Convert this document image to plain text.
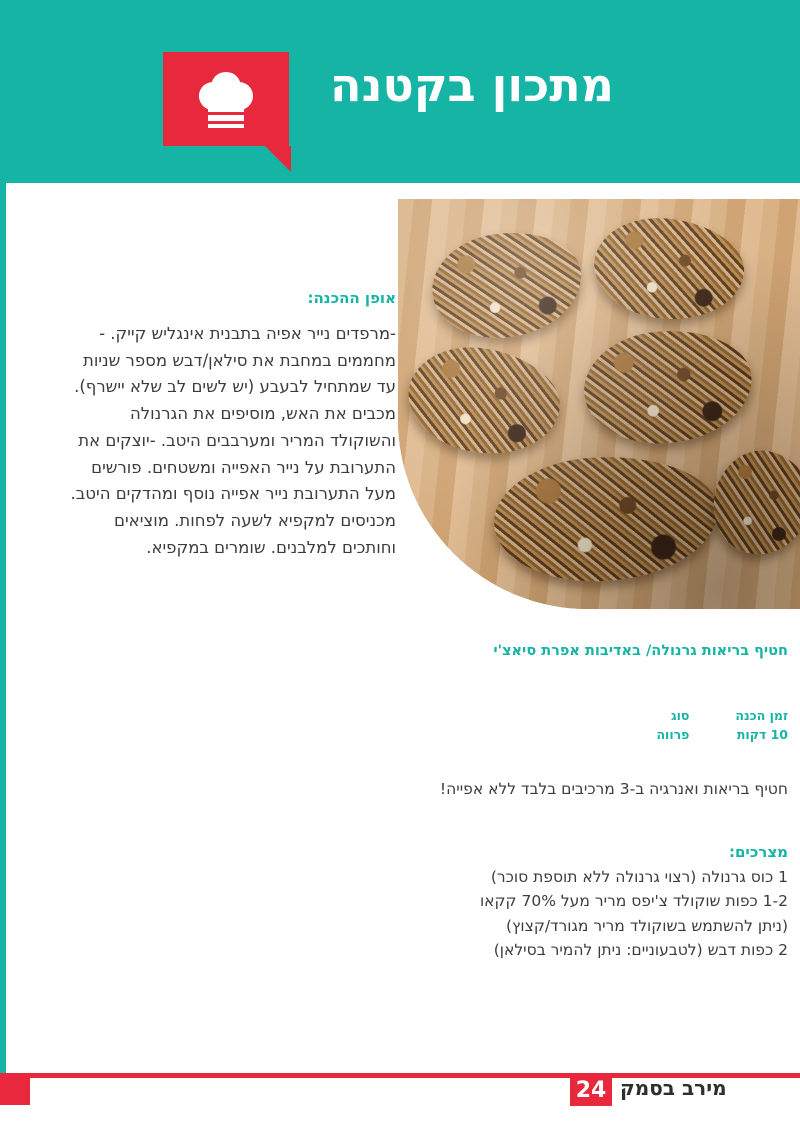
מתכון בקטנה
אופן ההכנה:
-מרפדים נייר אפיה בתבנית אינגליש קייק. -מחממים במחבת את סילאן/דבש מספר שניות עד שמתחיל לבעבע (יש לשים לב שלא יישרף). מכבים את האש, מוסיפים את הגרנולה והשוקולד המריר ומערבבים היטב. -יוצקים את התערובת על נייר האפייה ומשטחים. פורשים מעל התערובת נייר אפייה נוסף ומהדקים היטב. מכניסים למקפיא לשעה לפחות. מוציאים וחותכים למלבנים. שומרים במקפיא.
חטיף בריאות גרנולה/ באדיבות אפרת סיאצ'י
זמן הכנה
10 דקות
סוג
פרווה
חטיף בריאות ואנרגיה ב-3 מרכיבים בלבד ללא אפייה!
מצרכים:
1 כוס גרנולה (רצוי גרנולה ללא תוספת סוכר)
1-2 כפות שוקולד צ'יפס מריר מעל 70% קקאו
(ניתן להשתמש בשוקולד מריר מגורד/קצוץ)
2 כפות דבש (לטבעוניים: ניתן להמיר בסילאן)
24 מירב בסמק
